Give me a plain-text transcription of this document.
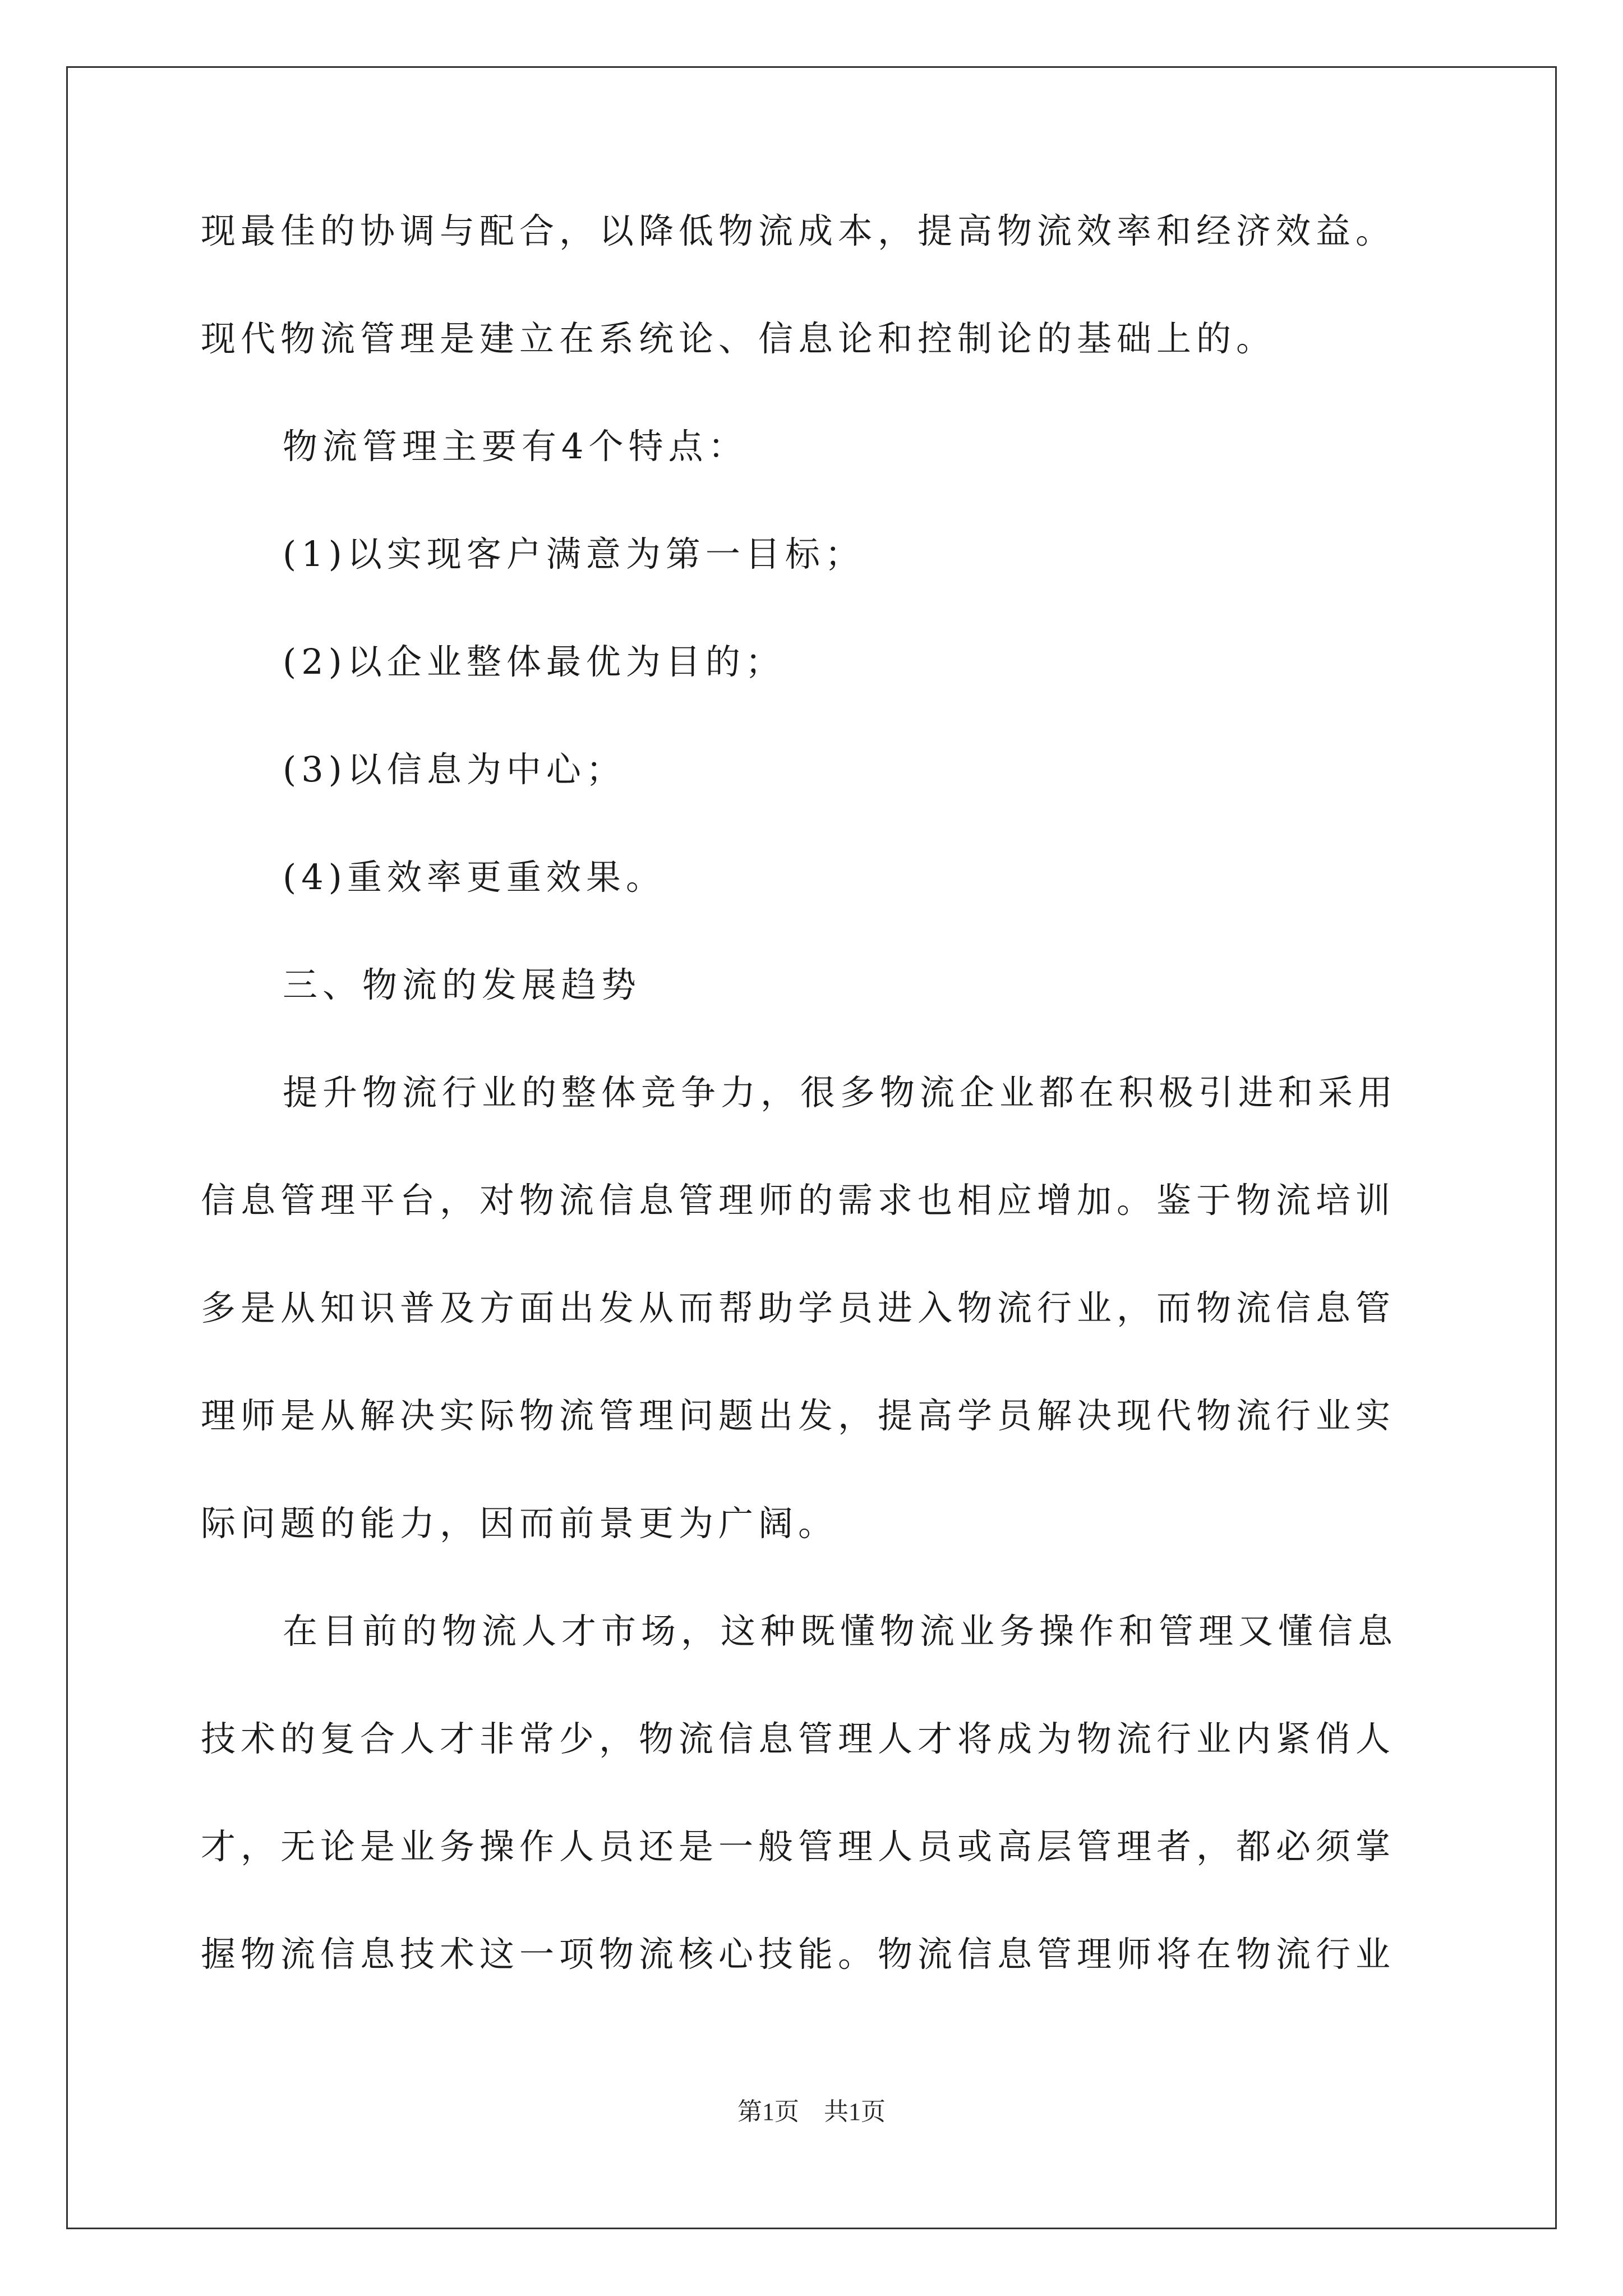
现最佳的协调与配合，以降低物流成本，提高物流效率和经济效益。
现代物流管理是建立在系统论、信息论和控制论的基础上的。
物流管理主要有4个特点：
(1)以实现客户满意为第一目标；
(2)以企业整体最优为目的；
(3)以信息为中心；
(4)重效率更重效果。
三、物流的发展趋势
提升物流行业的整体竞争力，很多物流企业都在积极引进和采用
信息管理平台，对物流信息管理师的需求也相应增加。鉴于物流培训
多是从知识普及方面出发从而帮助学员进入物流行业，而物流信息管
理师是从解决实际物流管理问题出发，提高学员解决现代物流行业实
际问题的能力，因而前景更为广阔。
在目前的物流人才市场，这种既懂物流业务操作和管理又懂信息
技术的复合人才非常少，物流信息管理人才将成为物流行业内紧俏人
才，无论是业务操作人员还是一般管理人员或高层管理者，都必须掌
握物流信息技术这一项物流核心技能。物流信息管理师将在物流行业
第1页 共1页
